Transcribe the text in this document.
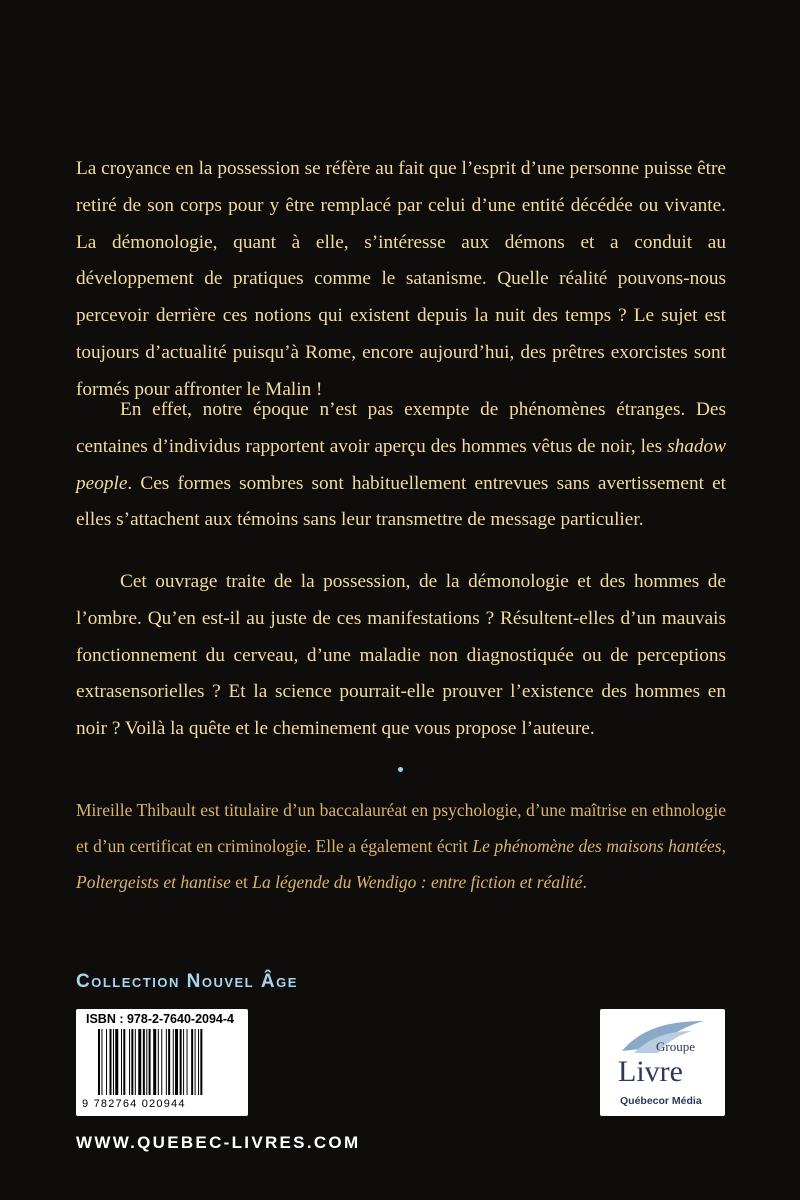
La croyance en la possession se réfère au fait que l’esprit d’une personne puisse être retiré de son corps pour y être remplacé par celui d’une entité décédée ou vivante. La démonologie, quant à elle, s’intéresse aux démons et a conduit au développement de pratiques comme le satanisme. Quelle réalité pouvons-nous percevoir derrière ces notions qui existent depuis la nuit des temps ? Le sujet est toujours d’actualité puisqu’à Rome, encore aujourd’hui, des prêtres exorcistes sont formés pour affronter le Malin !

En effet, notre époque n’est pas exempte de phénomènes étranges. Des centaines d’individus rapportent avoir aperçu des hommes vêtus de noir, les shadow people. Ces formes sombres sont habituellement entrevues sans avertissement et elles s’attachent aux témoins sans leur transmettre de message particulier.

Cet ouvrage traite de la possession, de la démonologie et des hommes de l’ombre. Qu’en est-il au juste de ces manifestations ? Résultent-elles d’un mauvais fonctionnement du cerveau, d’une maladie non diagnostiquée ou de perceptions extrasensorielles ? Et la science pourrait-elle prouver l’existence des hommes en noir ? Voilà la quête et le cheminement que vous propose l’auteure.

Mireille Thibault est titulaire d’un baccalauréat en psychologie, d’une maîtrise en ethnologie et d’un certificat en criminologie. Elle a également écrit Le phénomène des maisons hantées, Poltergeists et hantise et La légende du Wendigo : entre fiction et réalité.

Collection Nouvel Âge
ISBN : 978-2-7640-2094-4
9 782764 020944
Groupe
Livre
Québecor Média
WWW.QUEBEC-LIVRES.COM
